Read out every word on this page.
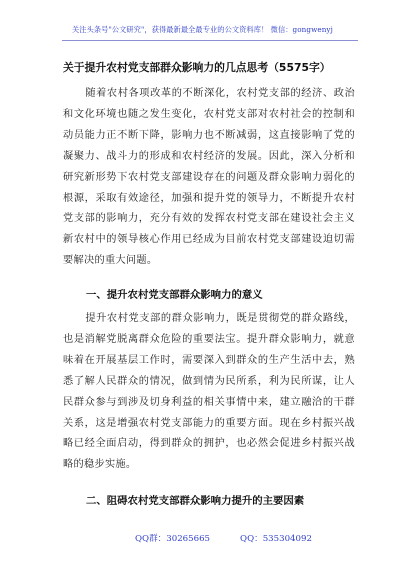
关注头条号"公文研究"，获得最新最全最专业的公文资料库！ 微信：gongwenyj
关于提升农村党支部群众影响力的几点思考（5575字）
随着农村各项改革的不断深化，农村党支部的经济、政治和文化环境也随之发生变化，农村党支部对农村社会的控制和动员能力正不断下降，影响力也不断减弱，这直接影响了党的凝聚力、战斗力的形成和农村经济的发展。因此，深入分析和研究新形势下农村党支部建设存在的问题及群众影响力弱化的根源，采取有效途径，加强和提升党的领导力，不断提升农村党支部的影响力，充分有效的发挥农村党支部在建设社会主义新农村中的领导核心作用已经成为目前农村党支部建设迫切需要解决的重大问题。
一、提升农村党支部群众影响力的意义
提升农村党支部的群众影响力，既是贯彻党的群众路线，也是消解党脱离群众危险的重要法宝。提升群众影响力，就意味着在开展基层工作时，需要深入到群众的生产生活中去，熟悉了解人民群众的情况，做到情为民所系，利为民所谋，让人民群众参与到涉及切身利益的相关事情中来，建立融洽的干群关系，这是增强农村党支部能力的重要方面。现在乡村振兴战略已经全面启动，得到群众的拥护，也必然会促进乡村振兴战略的稳步实施。
二、阻碍农村党支部群众影响力提升的主要因素
QQ群：30265665	QQ：535304092
